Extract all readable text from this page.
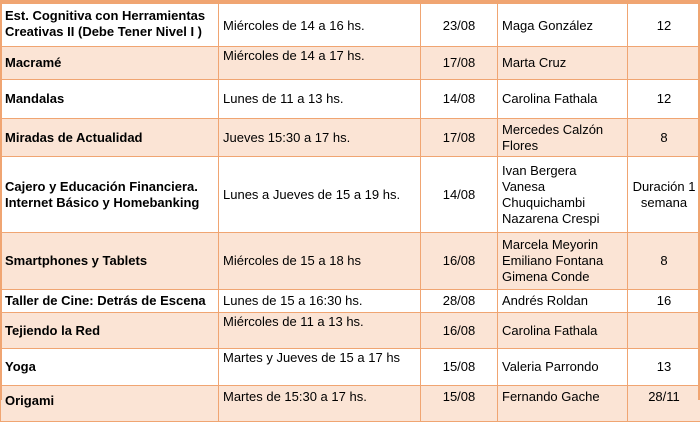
Est. Cognitiva con Herramientas Creativas II (Debe Tener Nivel I )	Miércoles de 14 a 16 hs.	23/08	Maga González	12
Macramé	Miércoles de 14 a 17 hs.	17/08	Marta Cruz	
Mandalas	Lunes de 11 a 13 hs.	14/08	Carolina Fathala	12
Miradas de Actualidad	Jueves 15:30 a 17 hs.	17/08	Mercedes Calzón Flores	8
Cajero y Educación Financiera. Internet Básico y Homebanking	Lunes a Jueves de 15 a 19 hs.	14/08	Ivan Bergera Vanesa Chuquichambi Nazarena Crespi	Duración 1 semana
Smartphones y Tablets	Miércoles de 15 a 18 hs	16/08	Marcela Meyorin Emiliano Fontana Gimena Conde	8
Taller de Cine: Detrás de Escena	Lunes de 15 a 16:30 hs.	28/08	Andrés Roldan	16
Tejiendo la Red	Miércoles de 11 a 13 hs.	16/08	Carolina Fathala	
Yoga	Martes y Jueves de 15 a 17 hs	15/08	Valeria Parrondo	13
Origami	Martes de 15:30 a 17 hs.	15/08	Fernando Gache	28/11
